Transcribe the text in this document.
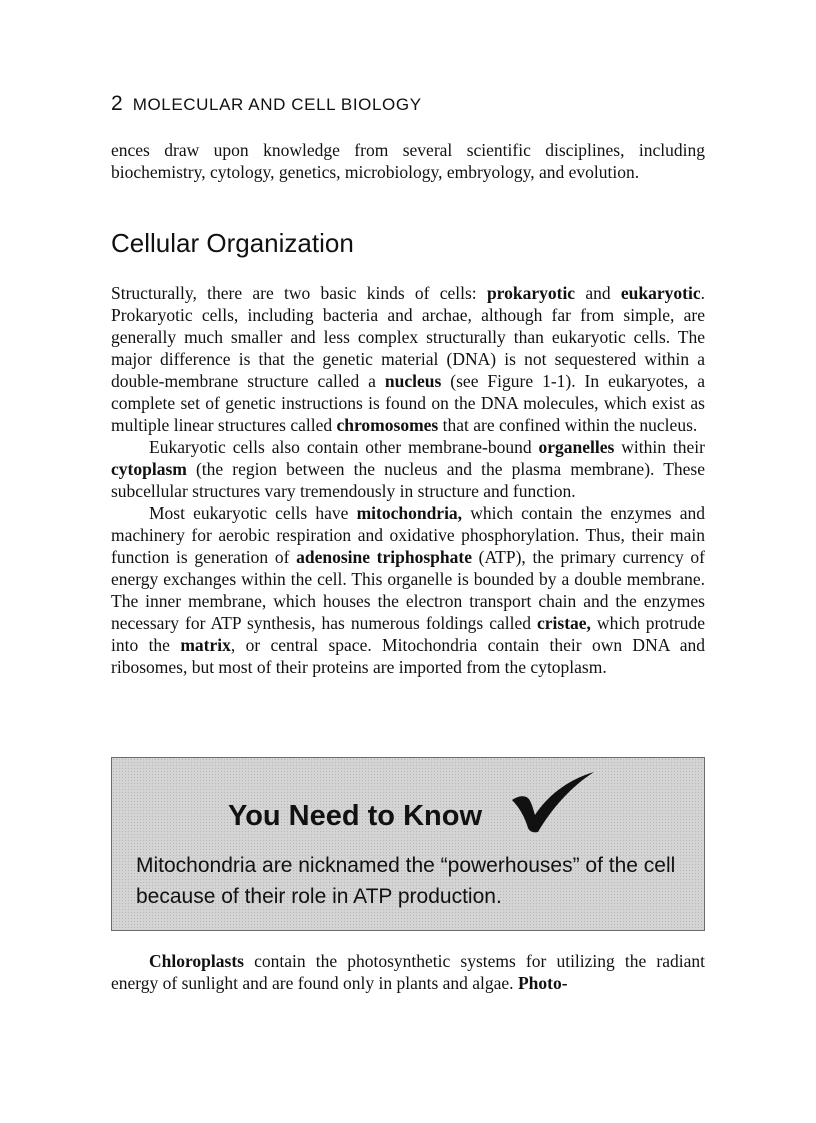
2 MOLECULAR AND CELL BIOLOGY

ences draw upon knowledge from several scientific disciplines, including biochemistry, cytology, genetics, microbiology, embryology, and evolution.

Cellular Organization

Structurally, there are two basic kinds of cells: prokaryotic and eukaryotic. Prokaryotic cells, including bacteria and archae, although far from simple, are generally much smaller and less complex structurally than eukaryotic cells. The major difference is that the genetic material (DNA) is not sequestered within a double-membrane structure called a nucleus (see Figure 1-1). In eukaryotes, a complete set of genetic instructions is found on the DNA molecules, which exist as multiple linear structures called chromosomes that are confined within the nucleus.

Eukaryotic cells also contain other membrane-bound organelles within their cytoplasm (the region between the nucleus and the plasma membrane). These subcellular structures vary tremendously in structure and function.

Most eukaryotic cells have mitochondria, which contain the enzymes and machinery for aerobic respiration and oxidative phosphorylation. Thus, their main function is generation of adenosine triphosphate (ATP), the primary currency of energy exchanges within the cell. This organelle is bounded by a double membrane. The inner membrane, which houses the electron transport chain and the enzymes necessary for ATP synthesis, has numerous foldings called cristae, which protrude into the matrix, or central space. Mitochondria contain their own DNA and ribosomes, but most of their proteins are imported from the cytoplasm.

You Need to Know

Mitochondria are nicknamed the “powerhouses” of the cell because of their role in ATP production.

Chloroplasts contain the photosynthetic systems for utilizing the radiant energy of sunlight and are found only in plants and algae. Photo-
